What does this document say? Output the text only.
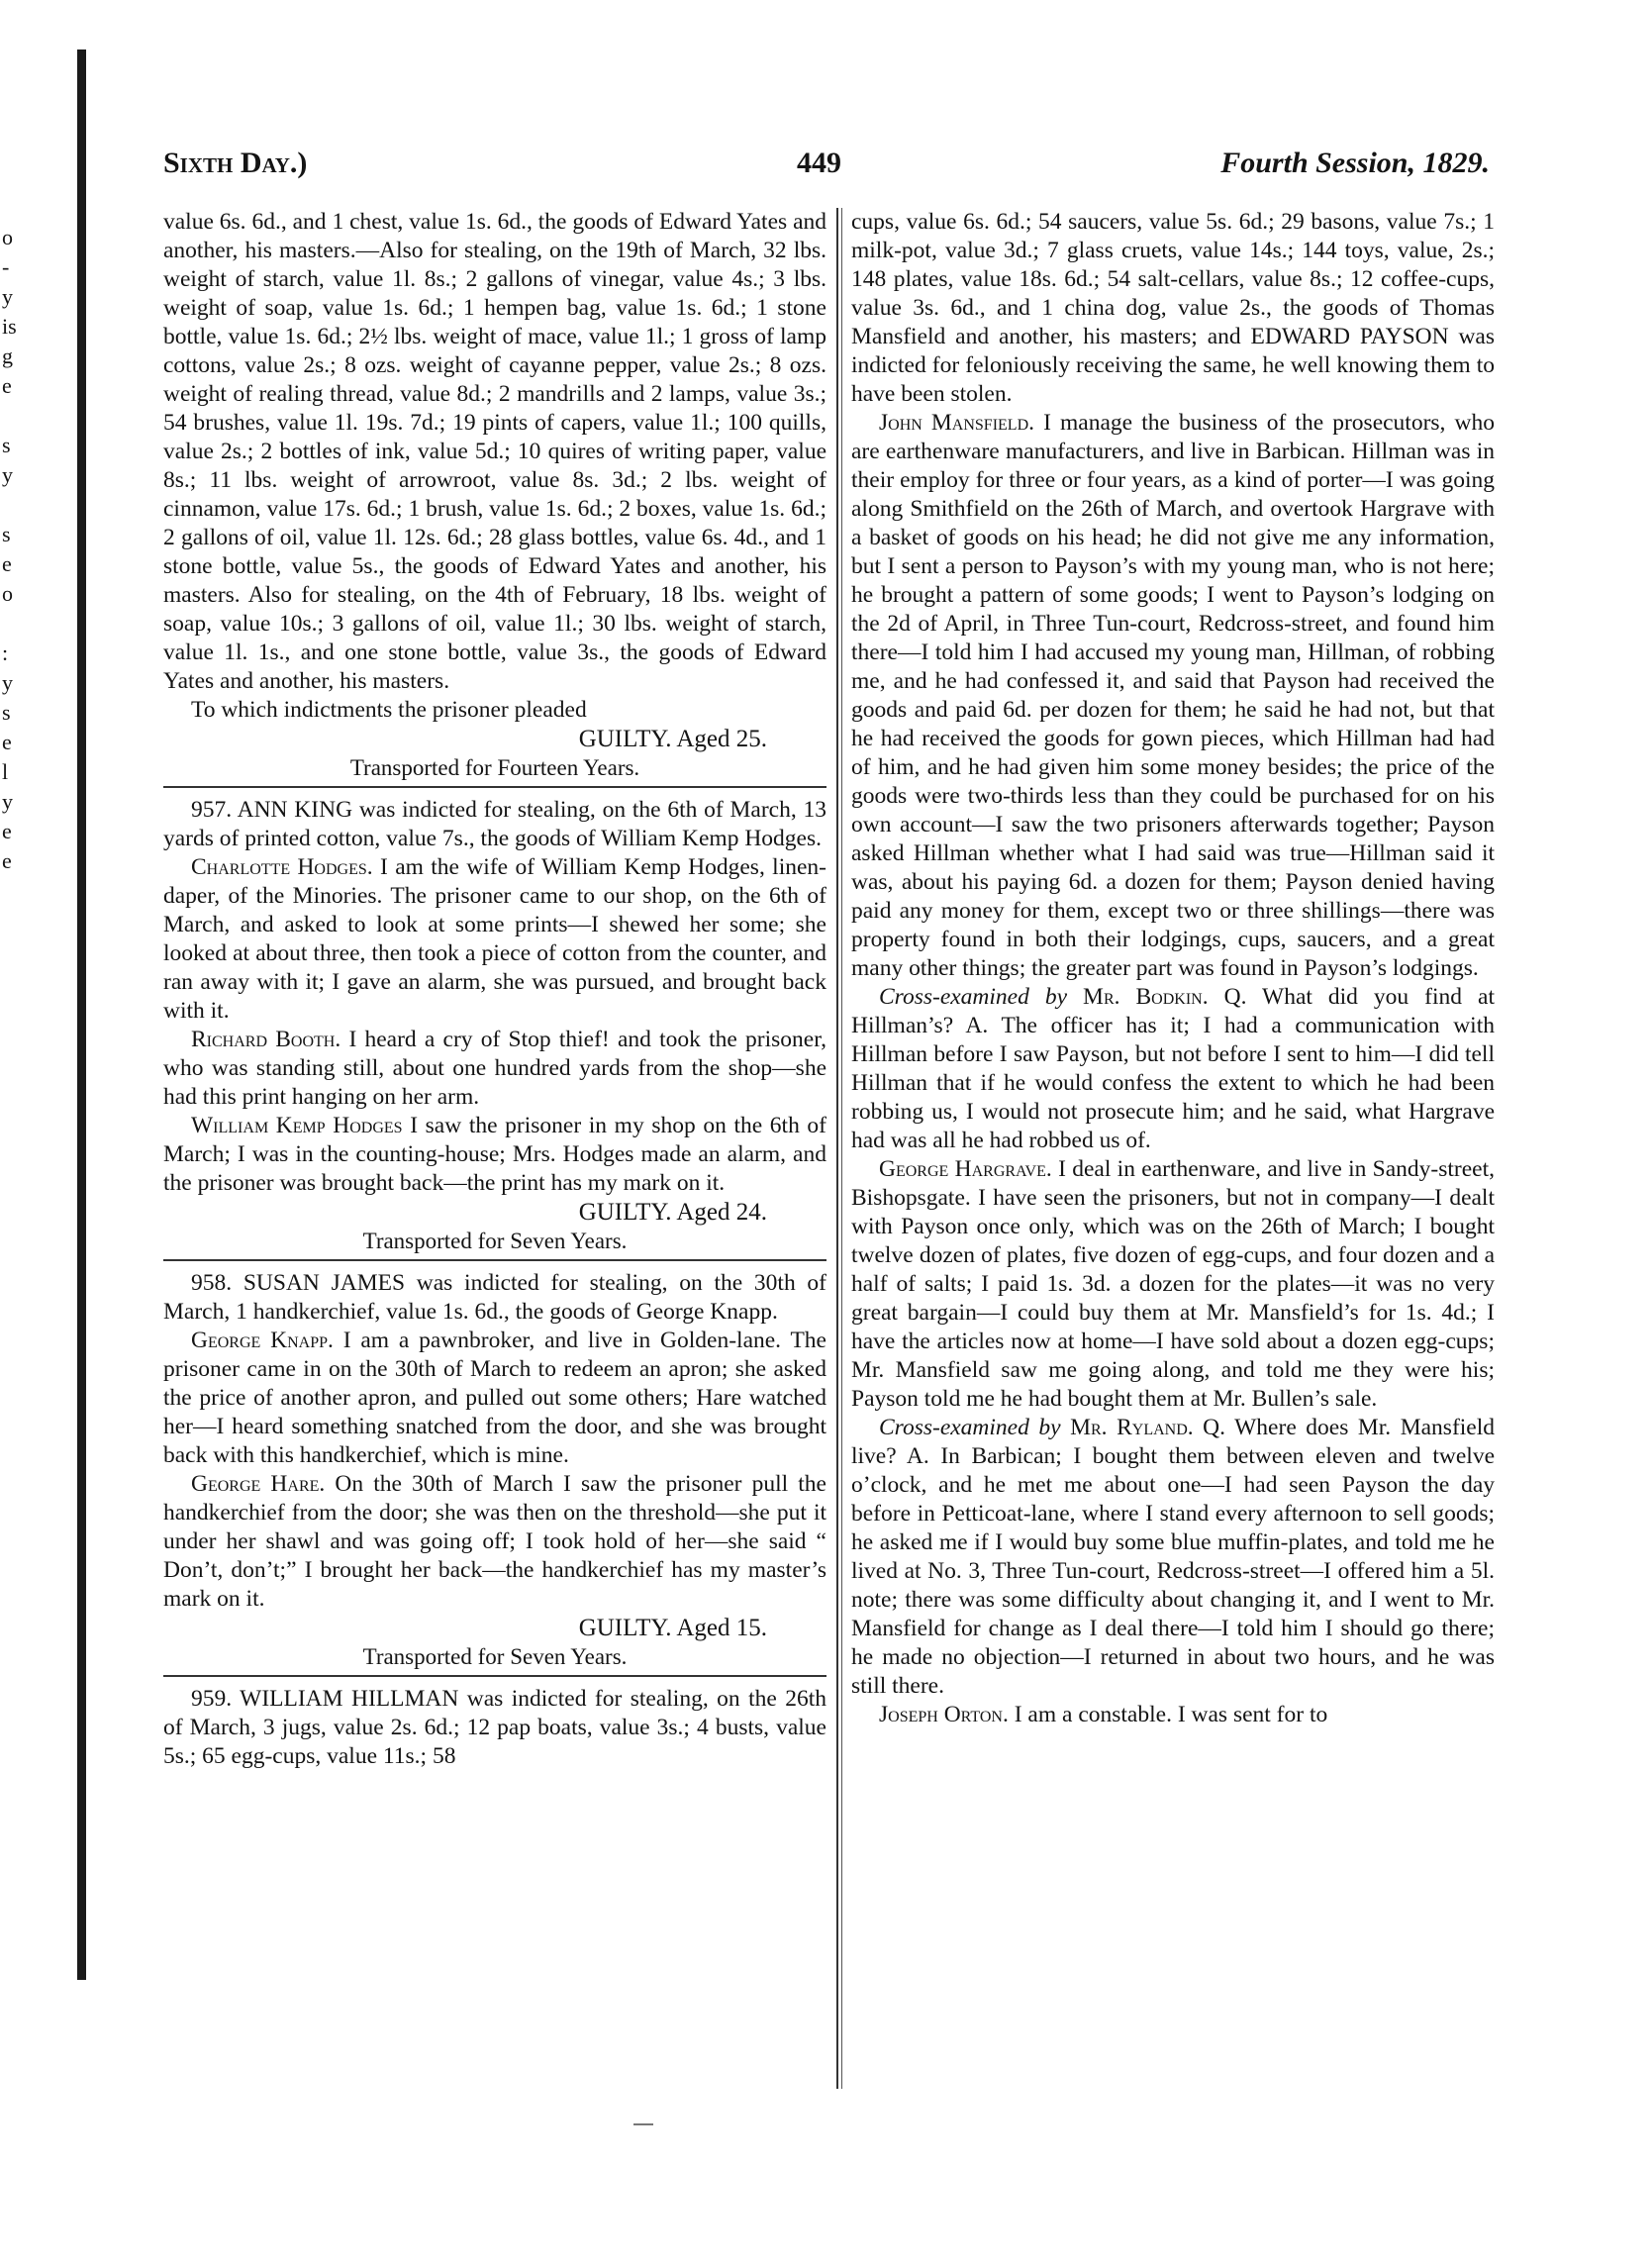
o
-
y
is
g
e
s
y
s
e
o
:
y
s
e
l
y
e
e
Sixth Day.)	449	Fourth Session, 1829.

value 6s. 6d., and 1 chest, value 1s. 6d., the goods of Edward Yates and another, his masters.—Also for stealing, on the 19th of March, 32 lbs. weight of starch, value 1l. 8s.; 2 gallons of vinegar, value 4s.; 3 lbs. weight of soap, value 1s. 6d.; 1 hempen bag, value 1s. 6d.; 1 stone bottle, value 1s. 6d.; 2½ lbs. weight of mace, value 1l.; 1 gross of lamp cottons, value 2s.; 8 ozs. weight of cayanne pepper, value 2s.; 8 ozs. weight of realing thread, value 8d.; 2 mandrills and 2 lamps, value 3s.; 54 brushes, value 1l. 19s. 7d.; 19 pints of capers, value 1l.; 100 quills, value 2s.; 2 bottles of ink, value 5d.; 10 quires of writing paper, value 8s.; 11 lbs. weight of arrowroot, value 8s. 3d.; 2 lbs. weight of cinnamon, value 17s. 6d.; 1 brush, value 1s. 6d.; 2 boxes, value 1s. 6d.; 2 gallons of oil, value 1l. 12s. 6d.; 28 glass bottles, value 6s. 4d., and 1 stone bottle, value 5s., the goods of Edward Yates and another, his masters. Also for stealing, on the 4th of February, 18 lbs. weight of soap, value 10s.; 3 gallons of oil, value 1l.; 30 lbs. weight of starch, value 1l. 1s., and one stone bottle, value 3s., the goods of Edward Yates and another, his masters.

To which indictments the prisoner pleaded

GUILTY. Aged 25.
Transported for Fourteen Years.

957. ANN KING was indicted for stealing, on the 6th of March, 13 yards of printed cotton, value 7s., the goods of William Kemp Hodges.

Charlotte Hodges. I am the wife of William Kemp Hodges, linen-daper, of the Minories. The prisoner came to our shop, on the 6th of March, and asked to look at some prints—I shewed her some; she looked at about three, then took a piece of cotton from the counter, and ran away with it; I gave an alarm, she was pursued, and brought back with it.

Richard Booth. I heard a cry of Stop thief! and took the prisoner, who was standing still, about one hundred yards from the shop—she had this print hanging on her arm.

William Kemp Hodges I saw the prisoner in my shop on the 6th of March; I was in the counting-house; Mrs. Hodges made an alarm, and the prisoner was brought back—the print has my mark on it.

GUILTY. Aged 24.
Transported for Seven Years.

958. SUSAN JAMES was indicted for stealing, on the 30th of March, 1 handkerchief, value 1s. 6d., the goods of George Knapp.

George Knapp. I am a pawnbroker, and live in Golden-lane. The prisoner came in on the 30th of March to redeem an apron; she asked the price of another apron, and pulled out some others; Hare watched her—I heard something snatched from the door, and she was brought back with this handkerchief, which is mine.

George Hare. On the 30th of March I saw the prisoner pull the handkerchief from the door; she was then on the threshold—she put it under her shawl and was going off; I took hold of her—she said “ Don’t, don’t;” I brought her back—the handkerchief has my master’s mark on it.

GUILTY. Aged 15.
Transported for Seven Years.

959. WILLIAM HILLMAN was indicted for stealing, on the 26th of March, 3 jugs, value 2s. 6d.; 12 pap boats, value 3s.; 4 busts, value 5s.; 65 egg-cups, value 11s.; 58

cups, value 6s. 6d.; 54 saucers, value 5s. 6d.; 29 basons, value 7s.; 1 milk-pot, value 3d.; 7 glass cruets, value 14s.; 144 toys, value, 2s.; 148 plates, value 18s. 6d.; 54 salt-cellars, value 8s.; 12 coffee-cups, value 3s. 6d., and 1 china dog, value 2s., the goods of Thomas Mansfield and another, his masters; and EDWARD PAYSON was indicted for feloniously receiving the same, he well knowing them to have been stolen.

John Mansfield. I manage the business of the prosecutors, who are earthenware manufacturers, and live in Barbican. Hillman was in their employ for three or four years, as a kind of porter—I was going along Smithfield on the 26th of March, and overtook Hargrave with a basket of goods on his head; he did not give me any information, but I sent a person to Payson’s with my young man, who is not here; he brought a pattern of some goods; I went to Payson’s lodging on the 2d of April, in Three Tun-court, Redcross-street, and found him there—I told him I had accused my young man, Hillman, of robbing me, and he had confessed it, and said that Payson had received the goods and paid 6d. per dozen for them; he said he had not, but that he had received the goods for gown pieces, which Hillman had had of him, and he had given him some money besides; the price of the goods were two-thirds less than they could be purchased for on his own account—I saw the two prisoners afterwards together; Payson asked Hillman whether what I had said was true—Hillman said it was, about his paying 6d. a dozen for them; Payson denied having paid any money for them, except two or three shillings—there was property found in both their lodgings, cups, saucers, and a great many other things; the greater part was found in Payson’s lodgings.

Cross-examined by Mr. Bodkin. Q. What did you find at Hillman’s? A. The officer has it; I had a communication with Hillman before I saw Payson, but not before I sent to him—I did tell Hillman that if he would confess the extent to which he had been robbing us, I would not prosecute him; and he said, what Hargrave had was all he had robbed us of.

George Hargrave. I deal in earthenware, and live in Sandy-street, Bishopsgate. I have seen the prisoners, but not in company—I dealt with Payson once only, which was on the 26th of March; I bought twelve dozen of plates, five dozen of egg-cups, and four dozen and a half of salts; I paid 1s. 3d. a dozen for the plates—it was no very great bargain—I could buy them at Mr. Mansfield’s for 1s. 4d.; I have the articles now at home—I have sold about a dozen egg-cups; Mr. Mansfield saw me going along, and told me they were his; Payson told me he had bought them at Mr. Bullen’s sale.

Cross-examined by Mr. Ryland. Q. Where does Mr. Mansfield live? A. In Barbican; I bought them between eleven and twelve o’clock, and he met me about one—I had seen Payson the day before in Petticoat-lane, where I stand every afternoon to sell goods; he asked me if I would buy some blue muffin-plates, and told me he lived at No. 3, Three Tun-court, Redcross-street—I offered him a 5l. note; there was some difficulty about changing it, and I went to Mr. Mansfield for change as I deal there—I told him I should go there; he made no objection—I returned in about two hours, and he was still there.

Joseph Orton. I am a constable. I was sent for to
